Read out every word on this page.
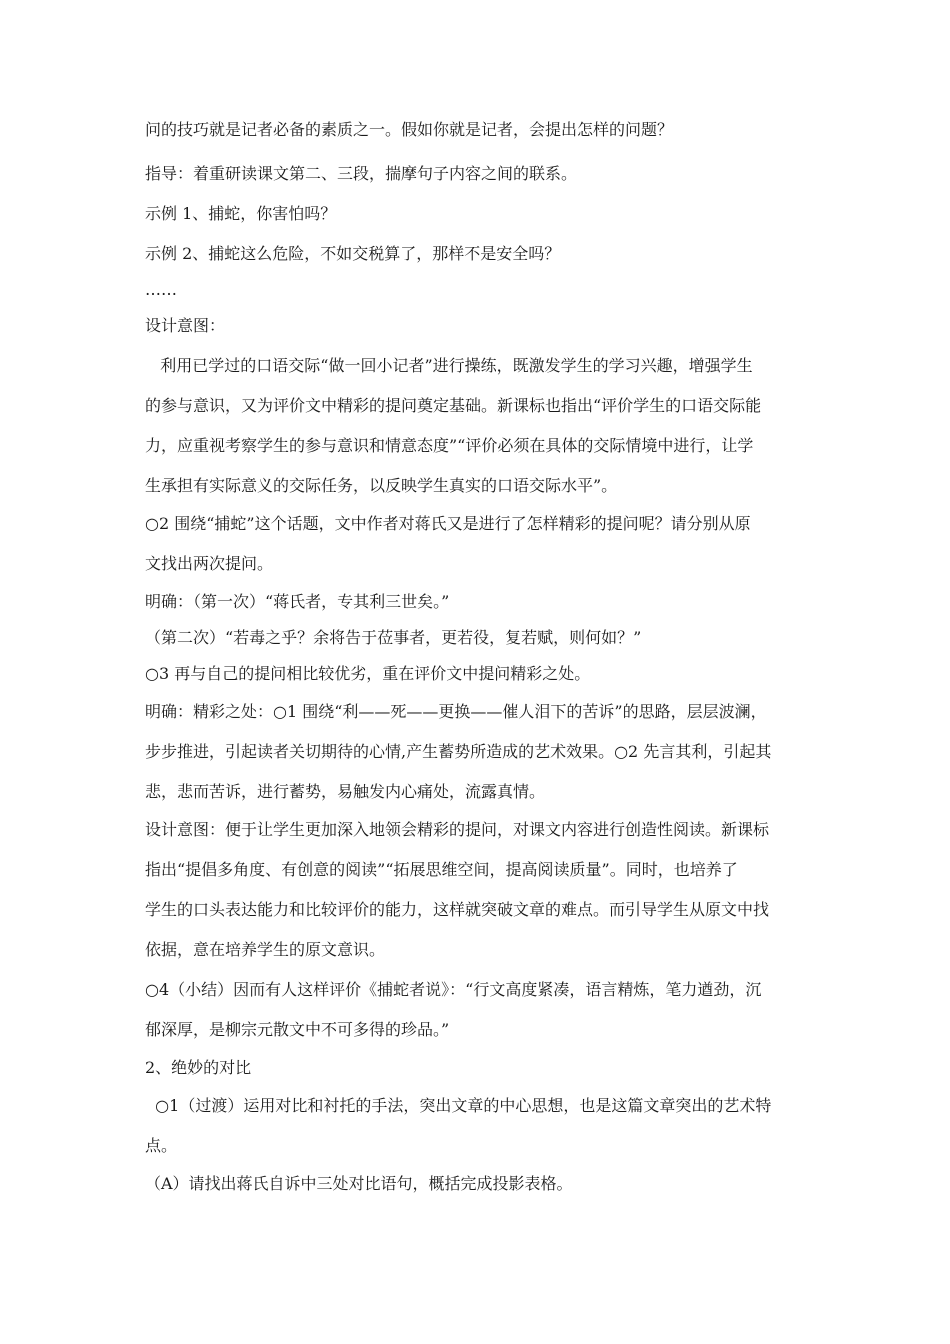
问的技巧就是记者必备的素质之一。假如你就是记者，会提出怎样的问题？
指导：着重研读课文第二、三段，揣摩句子内容之间的联系。
示例 1、捕蛇，你害怕吗？
示例 2、捕蛇这么危险，不如交税算了，那样不是安全吗？
……
设计意图：
利用已学过的口语交际“做一回小记者”进行操练，既激发学生的学习兴趣，增强学生
的参与意识，又为评价文中精彩的提问奠定基础。新课标也指出“评价学生的口语交际能
力，应重视考察学生的参与意识和情意态度”“评价必须在具体的交际情境中进行，让学
生承担有实际意义的交际任务，以反映学生真实的口语交际水平”。
○2 围绕“捕蛇”这个话题，文中作者对蒋氏又是进行了怎样精彩的提问呢？请分别从原
文找出两次提问。
明确：（第一次）“蒋氏者，专其利三世矣。”
（第二次）“若毒之乎？余将告于莅事者，更若役，复若赋，则何如？”
○3 再与自己的提问相比较优劣，重在评价文中提问精彩之处。
明确：精彩之处：○1 围绕“利——死——更换——催人泪下的苦诉”的思路，层层波澜，
步步推进，引起读者关切期待的心情,产生蓄势所造成的艺术效果。○2 先言其利，引起其
悲，悲而苦诉，进行蓄势，易触发内心痛处，流露真情。
设计意图：便于让学生更加深入地领会精彩的提问，对课文内容进行创造性阅读。新课标
指出“提倡多角度、有创意的阅读”“拓展思维空间，提高阅读质量”。同时，也培养了
学生的口头表达能力和比较评价的能力，这样就突破文章的难点。而引导学生从原文中找
依据，意在培养学生的原文意识。
○4（小结）因而有人这样评价《捕蛇者说》：“行文高度紧凑，语言精炼，笔力遒劲，沉
郁深厚，是柳宗元散文中不可多得的珍品。”
2、绝妙的对比
○1（过渡）运用对比和衬托的手法，突出文章的中心思想，也是这篇文章突出的艺术特
点。
（A）请找出蒋氏自诉中三处对比语句，概括完成投影表格。
